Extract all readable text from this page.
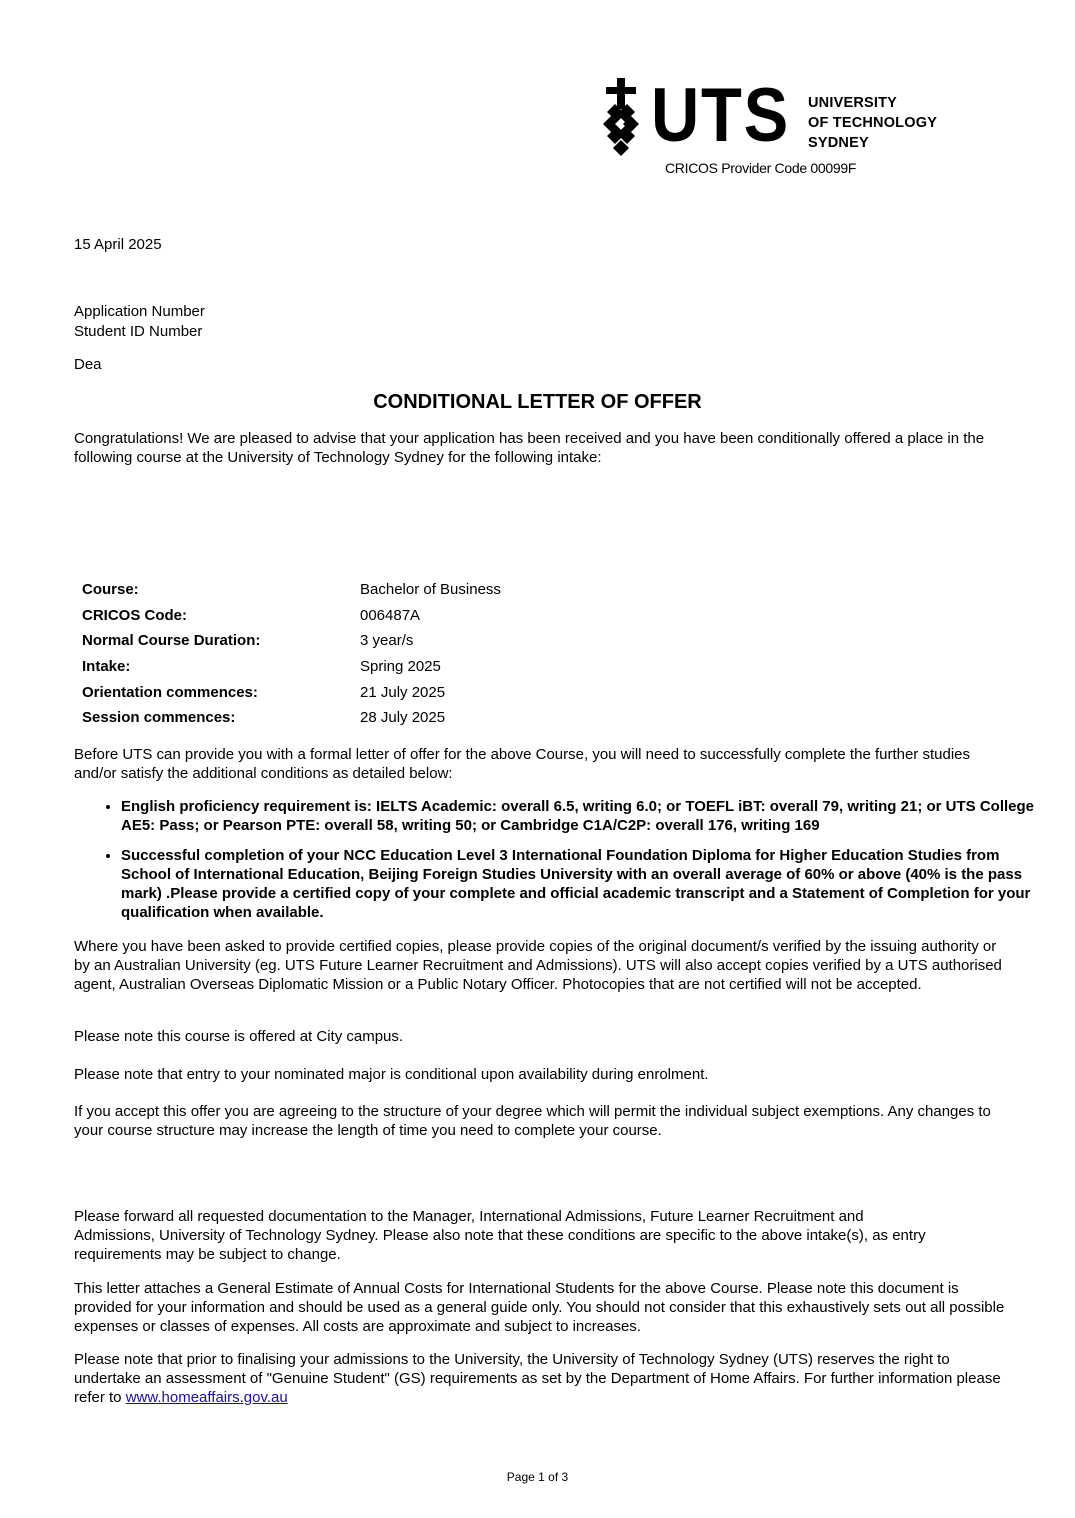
UTS UNIVERSITY
OF TECHNOLOGY
SYDNEY
CRICOS Provider Code 00099F
15 April 2025
Application Number
Student ID Number
Dea
CONDITIONAL LETTER OF OFFER

Congratulations! We are pleased to advise that your application has been received and you have been conditionally offered a place in the following course at the University of Technology Sydney for the following intake:

Course:	Bachelor of Business
CRICOS Code:	006487A
Normal Course Duration:	3 year/s
Intake:	Spring 2025
Orientation commences:	21 July 2025
Session commences:	28 July 2025

Before UTS can provide you with a formal letter of offer for the above Course, you will need to successfully complete the further studies and/or satisfy the additional conditions as detailed below:

• English proficiency requirement is: IELTS Academic: overall 6.5, writing 6.0; or TOEFL iBT: overall 79, writing 21; or UTS College AE5: Pass; or Pearson PTE: overall 58, writing 50; or Cambridge C1A/C2P: overall 176, writing 169
• Successful completion of your NCC Education Level 3 International Foundation Diploma for Higher Education Studies from School of International Education, Beijing Foreign Studies University with an overall average of 60% or above (40% is the pass mark) .Please provide a certified copy of your complete and official academic transcript and a Statement of Completion for your qualification when available.

Where you have been asked to provide certified copies, please provide copies of the original document/s verified by the issuing authority or by an Australian University (eg. UTS Future Learner Recruitment and Admissions). UTS will also accept copies verified by a UTS authorised agent, Australian Overseas Diplomatic Mission or a Public Notary Officer. Photocopies that are not certified will not be accepted.

Please note this course is offered at City campus.

Please note that entry to your nominated major is conditional upon availability during enrolment.

If you accept this offer you are agreeing to the structure of your degree which will permit the individual subject exemptions. Any changes to your course structure may increase the length of time you need to complete your course.

Please forward all requested documentation to the Manager, International Admissions, Future Learner Recruitment and
Admissions, University of Technology Sydney. Please also note that these conditions are specific to the above intake(s), as entry requirements may be subject to change.

This letter attaches a General Estimate of Annual Costs for International Students for the above Course. Please note this document is provided for your information and should be used as a general guide only. You should not consider that this exhaustively sets out all possible expenses or classes of expenses. All costs are approximate and subject to increases.

Please note that prior to finalising your admissions to the University, the University of Technology Sydney (UTS) reserves the right to undertake an assessment of "Genuine Student" (GS) requirements as set by the Department of Home Affairs. For further information please refer to www.homeaffairs.gov.au

Page 1 of 3
